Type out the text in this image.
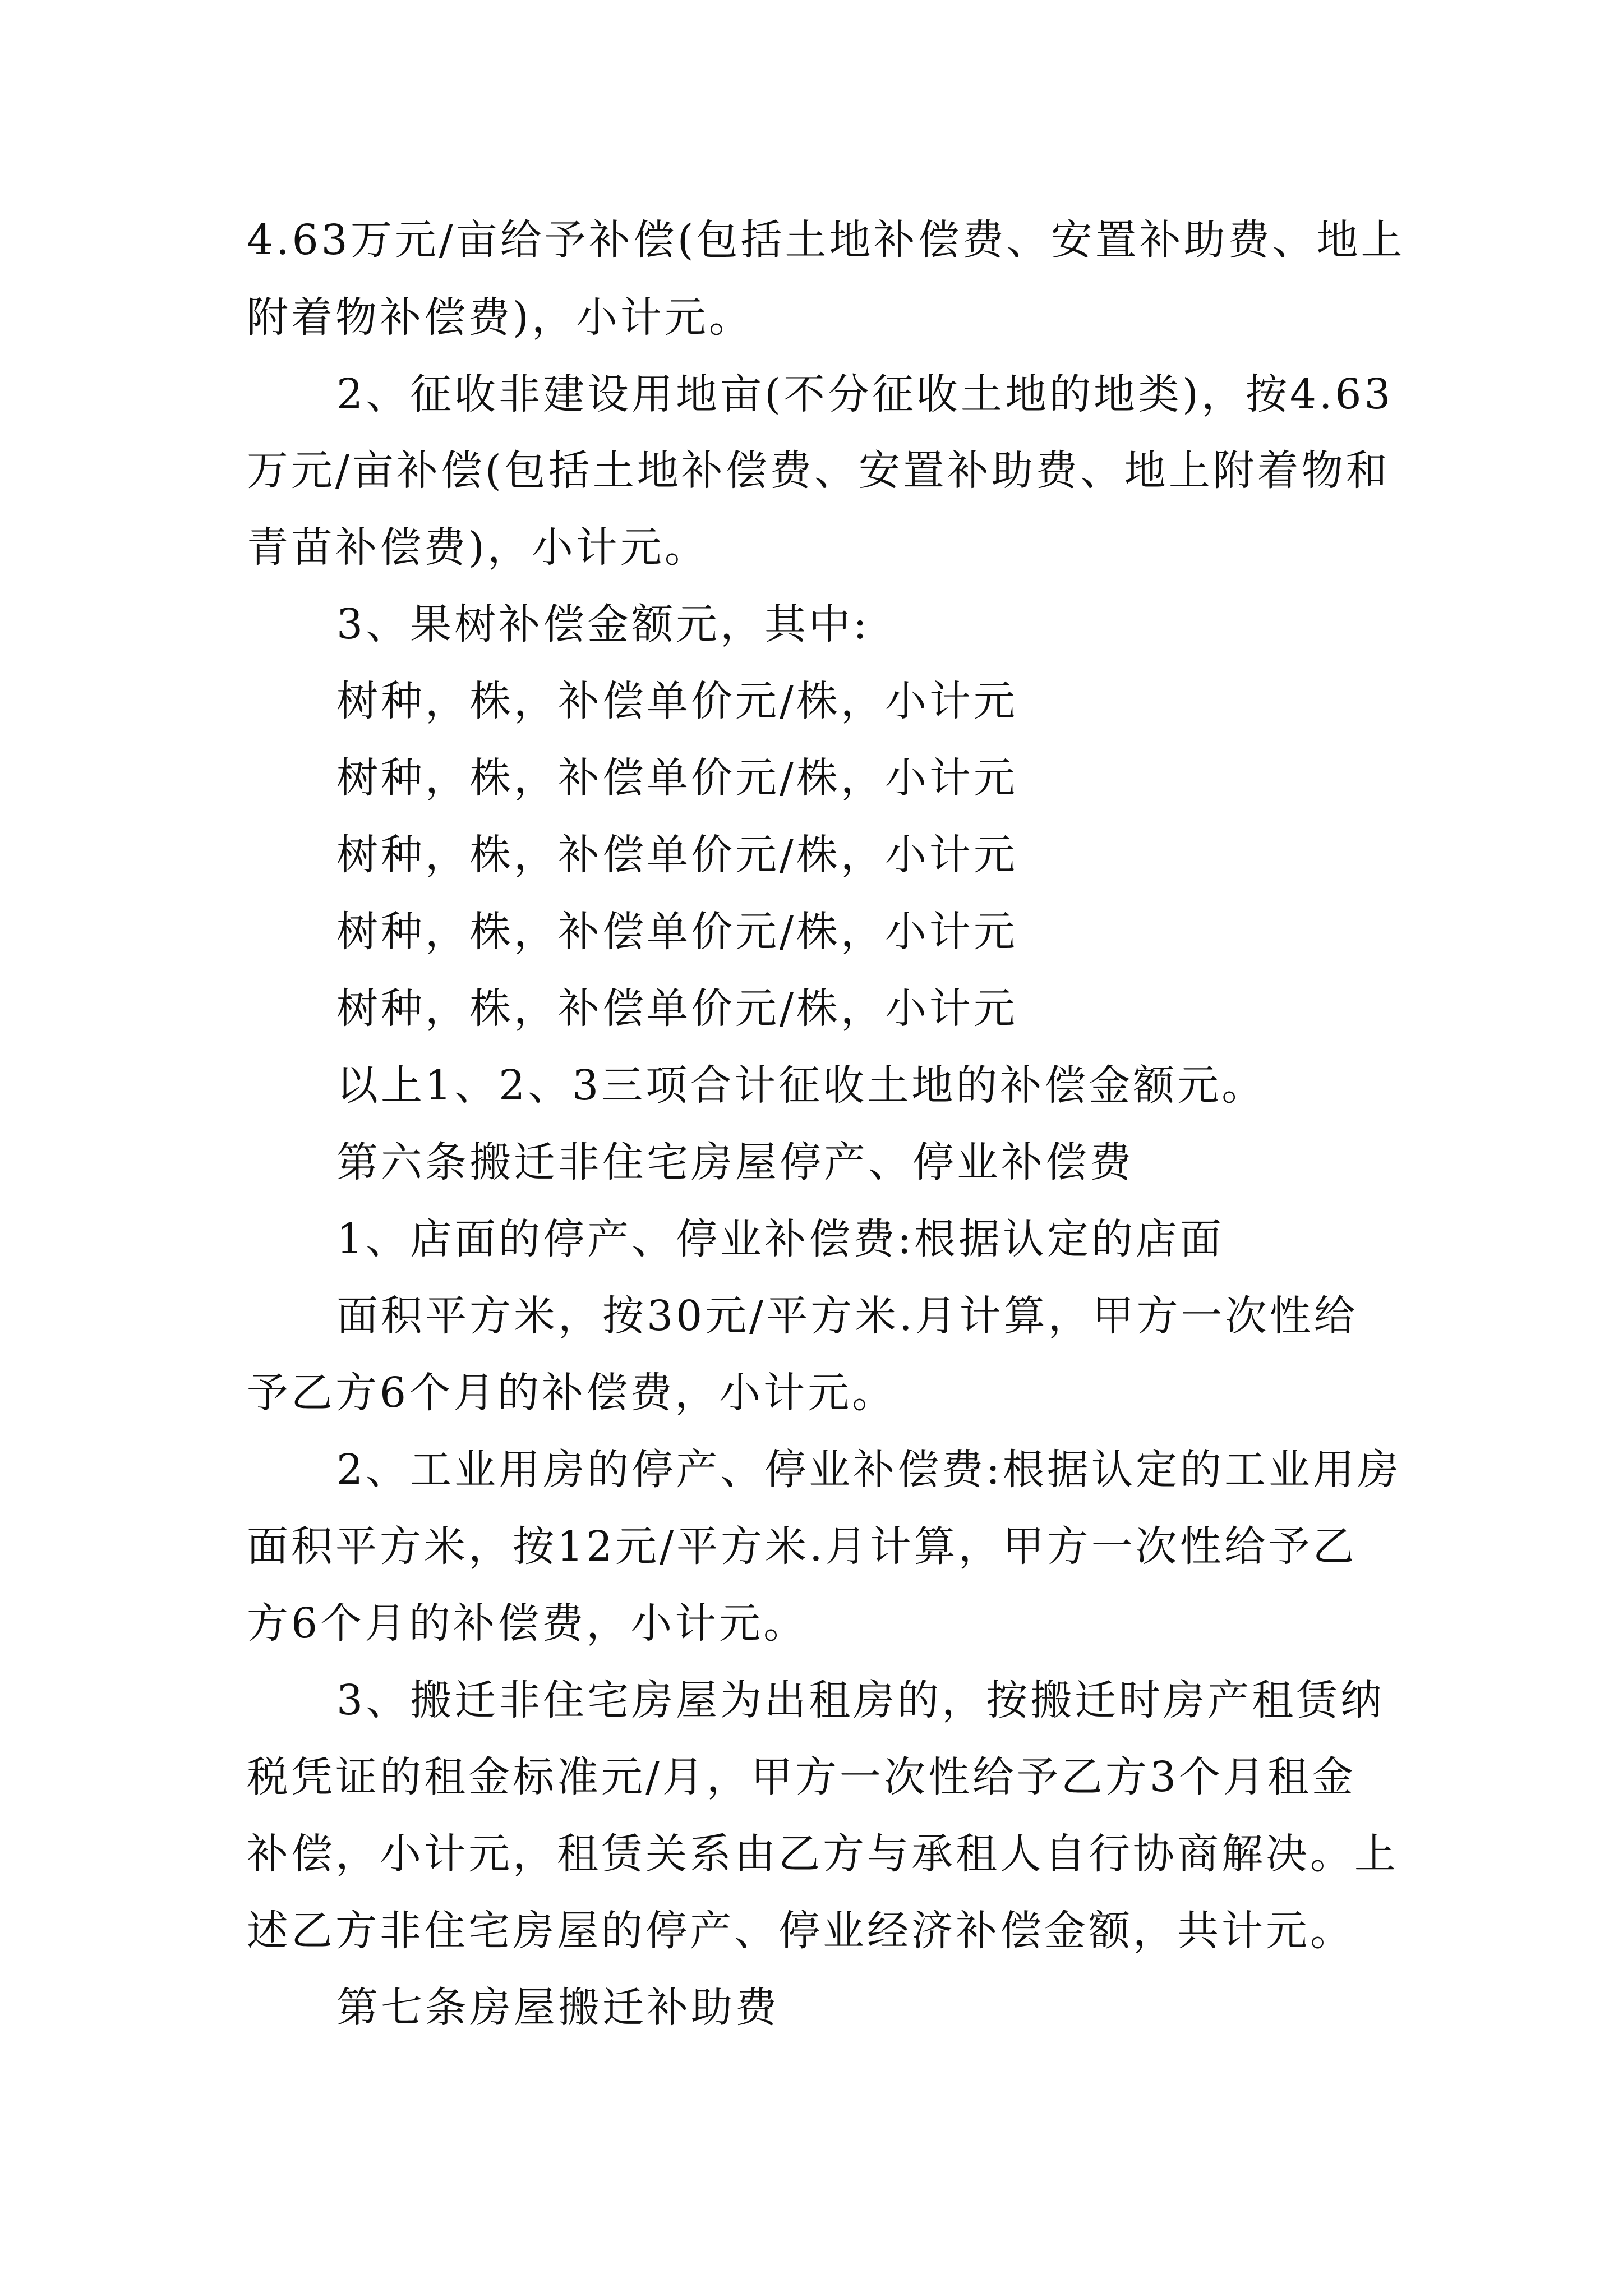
4.63万元/亩给予补偿(包括土地补偿费、安置补助费、地上
附着物补偿费)，小计元。
2、征收非建设用地亩(不分征收土地的地类)，按4.63
万元/亩补偿(包括土地补偿费、安置补助费、地上附着物和
青苗补偿费)，小计元。
3、果树补偿金额元，其中:
树种，株，补偿单价元/株，小计元
树种，株，补偿单价元/株，小计元
树种，株，补偿单价元/株，小计元
树种，株，补偿单价元/株，小计元
树种，株，补偿单价元/株，小计元
以上1、2、3三项合计征收土地的补偿金额元。
第六条搬迁非住宅房屋停产、停业补偿费
1、店面的停产、停业补偿费:根据认定的店面
面积平方米，按30元/平方米.月计算，甲方一次性给
予乙方6个月的补偿费，小计元。
2、工业用房的停产、停业补偿费:根据认定的工业用房
面积平方米，按12元/平方米.月计算，甲方一次性给予乙
方6个月的补偿费，小计元。
3、搬迁非住宅房屋为出租房的，按搬迁时房产租赁纳
税凭证的租金标准元/月，甲方一次性给予乙方3个月租金
补偿，小计元，租赁关系由乙方与承租人自行协商解决。上
述乙方非住宅房屋的停产、停业经济补偿金额，共计元。
第七条房屋搬迁补助费
